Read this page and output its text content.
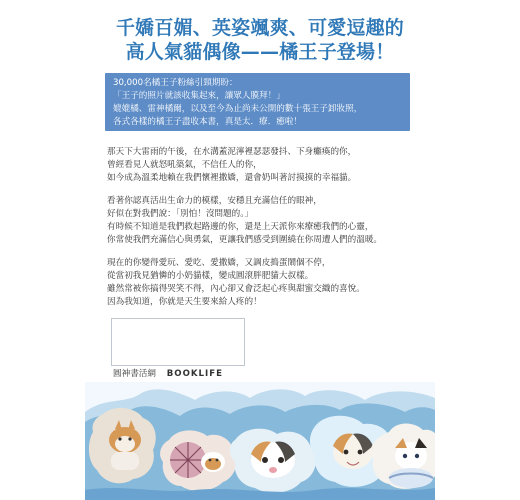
千嬌百媚、英姿颯爽、可愛逗趣的
高人氣貓偶像——橘王子登場！
30,000名橘王子粉絲引頸期盼：
「王子的照片就該收集起來，讓眾人膜拜！」
媲媲橘、雷神橘爾，以及至今為止尚未公開的數十張王子卸妝照，
各式各樣的橘王子盡收本書，真是太．療．癒啦！
那天下大雷雨的午後，在水溝蓋泥濘裡瑟瑟發抖、下身癱瘓的你，
曾經看見人就怒吼築氣，不信任人的你，
如今成為溫柔地賴在我們懷裡撒嬌，還會奶叫著討摸摸的幸福貓。
看著你認真活出生命力的模樣，安穩且充滿信任的眼神，
好似在對我們說：「別怕！沒問題的。」
有時候不知道是我們救起路邊的你，還是上天派你來療癒我們的心靈，
你常使我們充滿信心與勇氣，更讓我們感受到圍繞在你周遭人們的溫暖。
現在的你變得愛玩、愛吃、愛撒嬌，又調皮搗蛋鬧個不停，
從當初我見猶憐的小奶貓樣，變成圓滾胖肥貓大叔樣。
雖然常被你搞得哭笑不得，內心卻又會泛起心疼與甜蜜交織的喜悅。
因為我知道，你就是天生要來給人疼的！
圓神書活網 BOOKLIFE
